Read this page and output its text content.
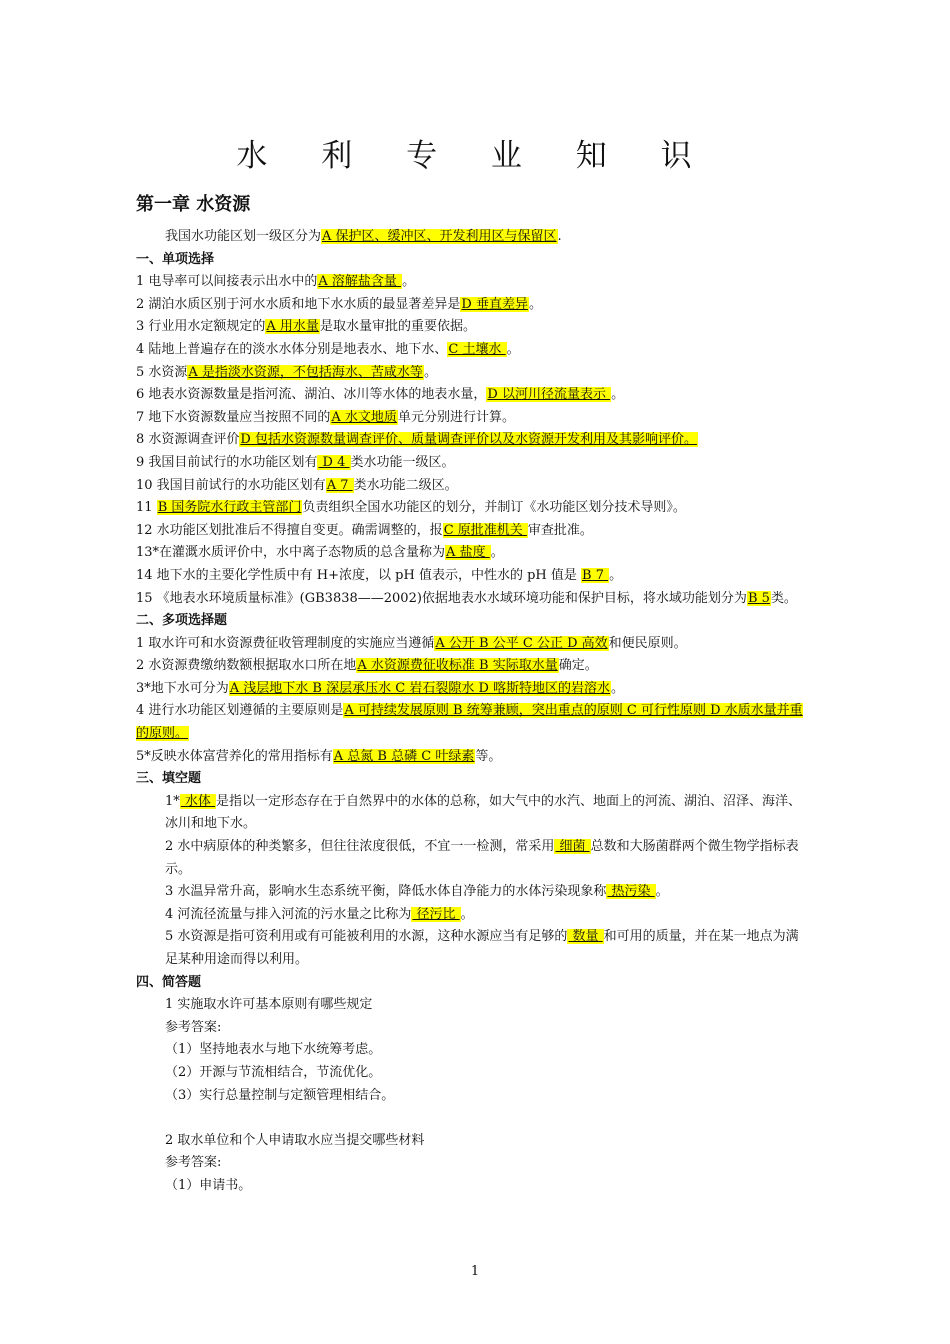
水 利 专 业 知 识
第一章 水资源
我国水功能区划一级区分为A 保护区、缓冲区、开发利用区与保留区.
一、单项选择
1 电导率可以间接表示出水中的A 溶解盐含量 。
2 湖泊水质区别于河水水质和地下水水质的最显著差异是D 垂直差异。
3 行业用水定额规定的A 用水量是取水量审批的重要依据。
4 陆地上普遍存在的淡水水体分别是地表水、地下水、C 土壤水 。
5 水资源A 是指淡水资源，不包括海水、苦咸水等。
6 地表水资源数量是指河流、湖泊、冰川等水体的地表水量，D 以河川径流量表示 。
7 地下水资源数量应当按照不同的A 水文地质单元分别进行计算。
8 水资源调查评价D 包括水资源数量调查评价、质量调查评价以及水资源开发利用及其影响评价。
9 我国目前试行的水功能区划有 D 4 类水功能一级区。
10 我国目前试行的水功能区划有A 7 类水功能二级区。
11 B 国务院水行政主管部门负责组织全国水功能区的划分，并制订《水功能区划分技术导则》。
12 水功能区划批准后不得擅自变更。确需调整的，报C 原批准机关 审查批准。
13*在灌溉水质评价中，水中离子态物质的总含量称为A 盐度 。
14 地下水的主要化学性质中有 H+浓度，以 pH 值表示，中性水的 pH 值是 B 7 。
15 《地表水环境质量标准》(GB3838——2002)依据地表水水域环境功能和保护目标，将水域功能划分为B 5类。
二、多项选择题
1 取水许可和水资源费征收管理制度的实施应当遵循A 公开 B 公平 C 公正 D 高效和便民原则。
2 水资源费缴纳数额根据取水口所在地A 水资源费征收标准 B 实际取水量确定。
3*地下水可分为A 浅层地下水 B 深层承压水 C 岩石裂隙水 D 喀斯特地区的岩溶水。
4 进行水功能区划遵循的主要原则是A 可持续发展原则 B 统筹兼顾，突出重点的原则 C 可行性原则 D 水质水量并重的原则。
5*反映水体富营养化的常用指标有A 总氮 B 总磷 C 叶绿素等。
三、填空题
1* 水体 是指以一定形态存在于自然界中的水体的总称，如大气中的水汽、地面上的河流、湖泊、沼泽、海洋、冰川和地下水。
2 水中病原体的种类繁多，但往往浓度很低，不宜一一检测，常采用 细菌 总数和大肠菌群两个微生物学指标表示。
3 水温异常升高，影响水生态系统平衡，降低水体自净能力的水体污染现象称 热污染 。
4 河流径流量与排入河流的污水量之比称为 径污比 。
5 水资源是指可资利用或有可能被利用的水源，这种水源应当有足够的 数量 和可用的质量，并在某一地点为满足某种用途而得以利用。
四、简答题
1 实施取水许可基本原则有哪些规定
参考答案:
（1）坚持地表水与地下水统筹考虑。
（2）开源与节流相结合，节流优化。
（3）实行总量控制与定额管理相结合。
2 取水单位和个人申请取水应当提交哪些材料
参考答案:
（1）申请书。
1
